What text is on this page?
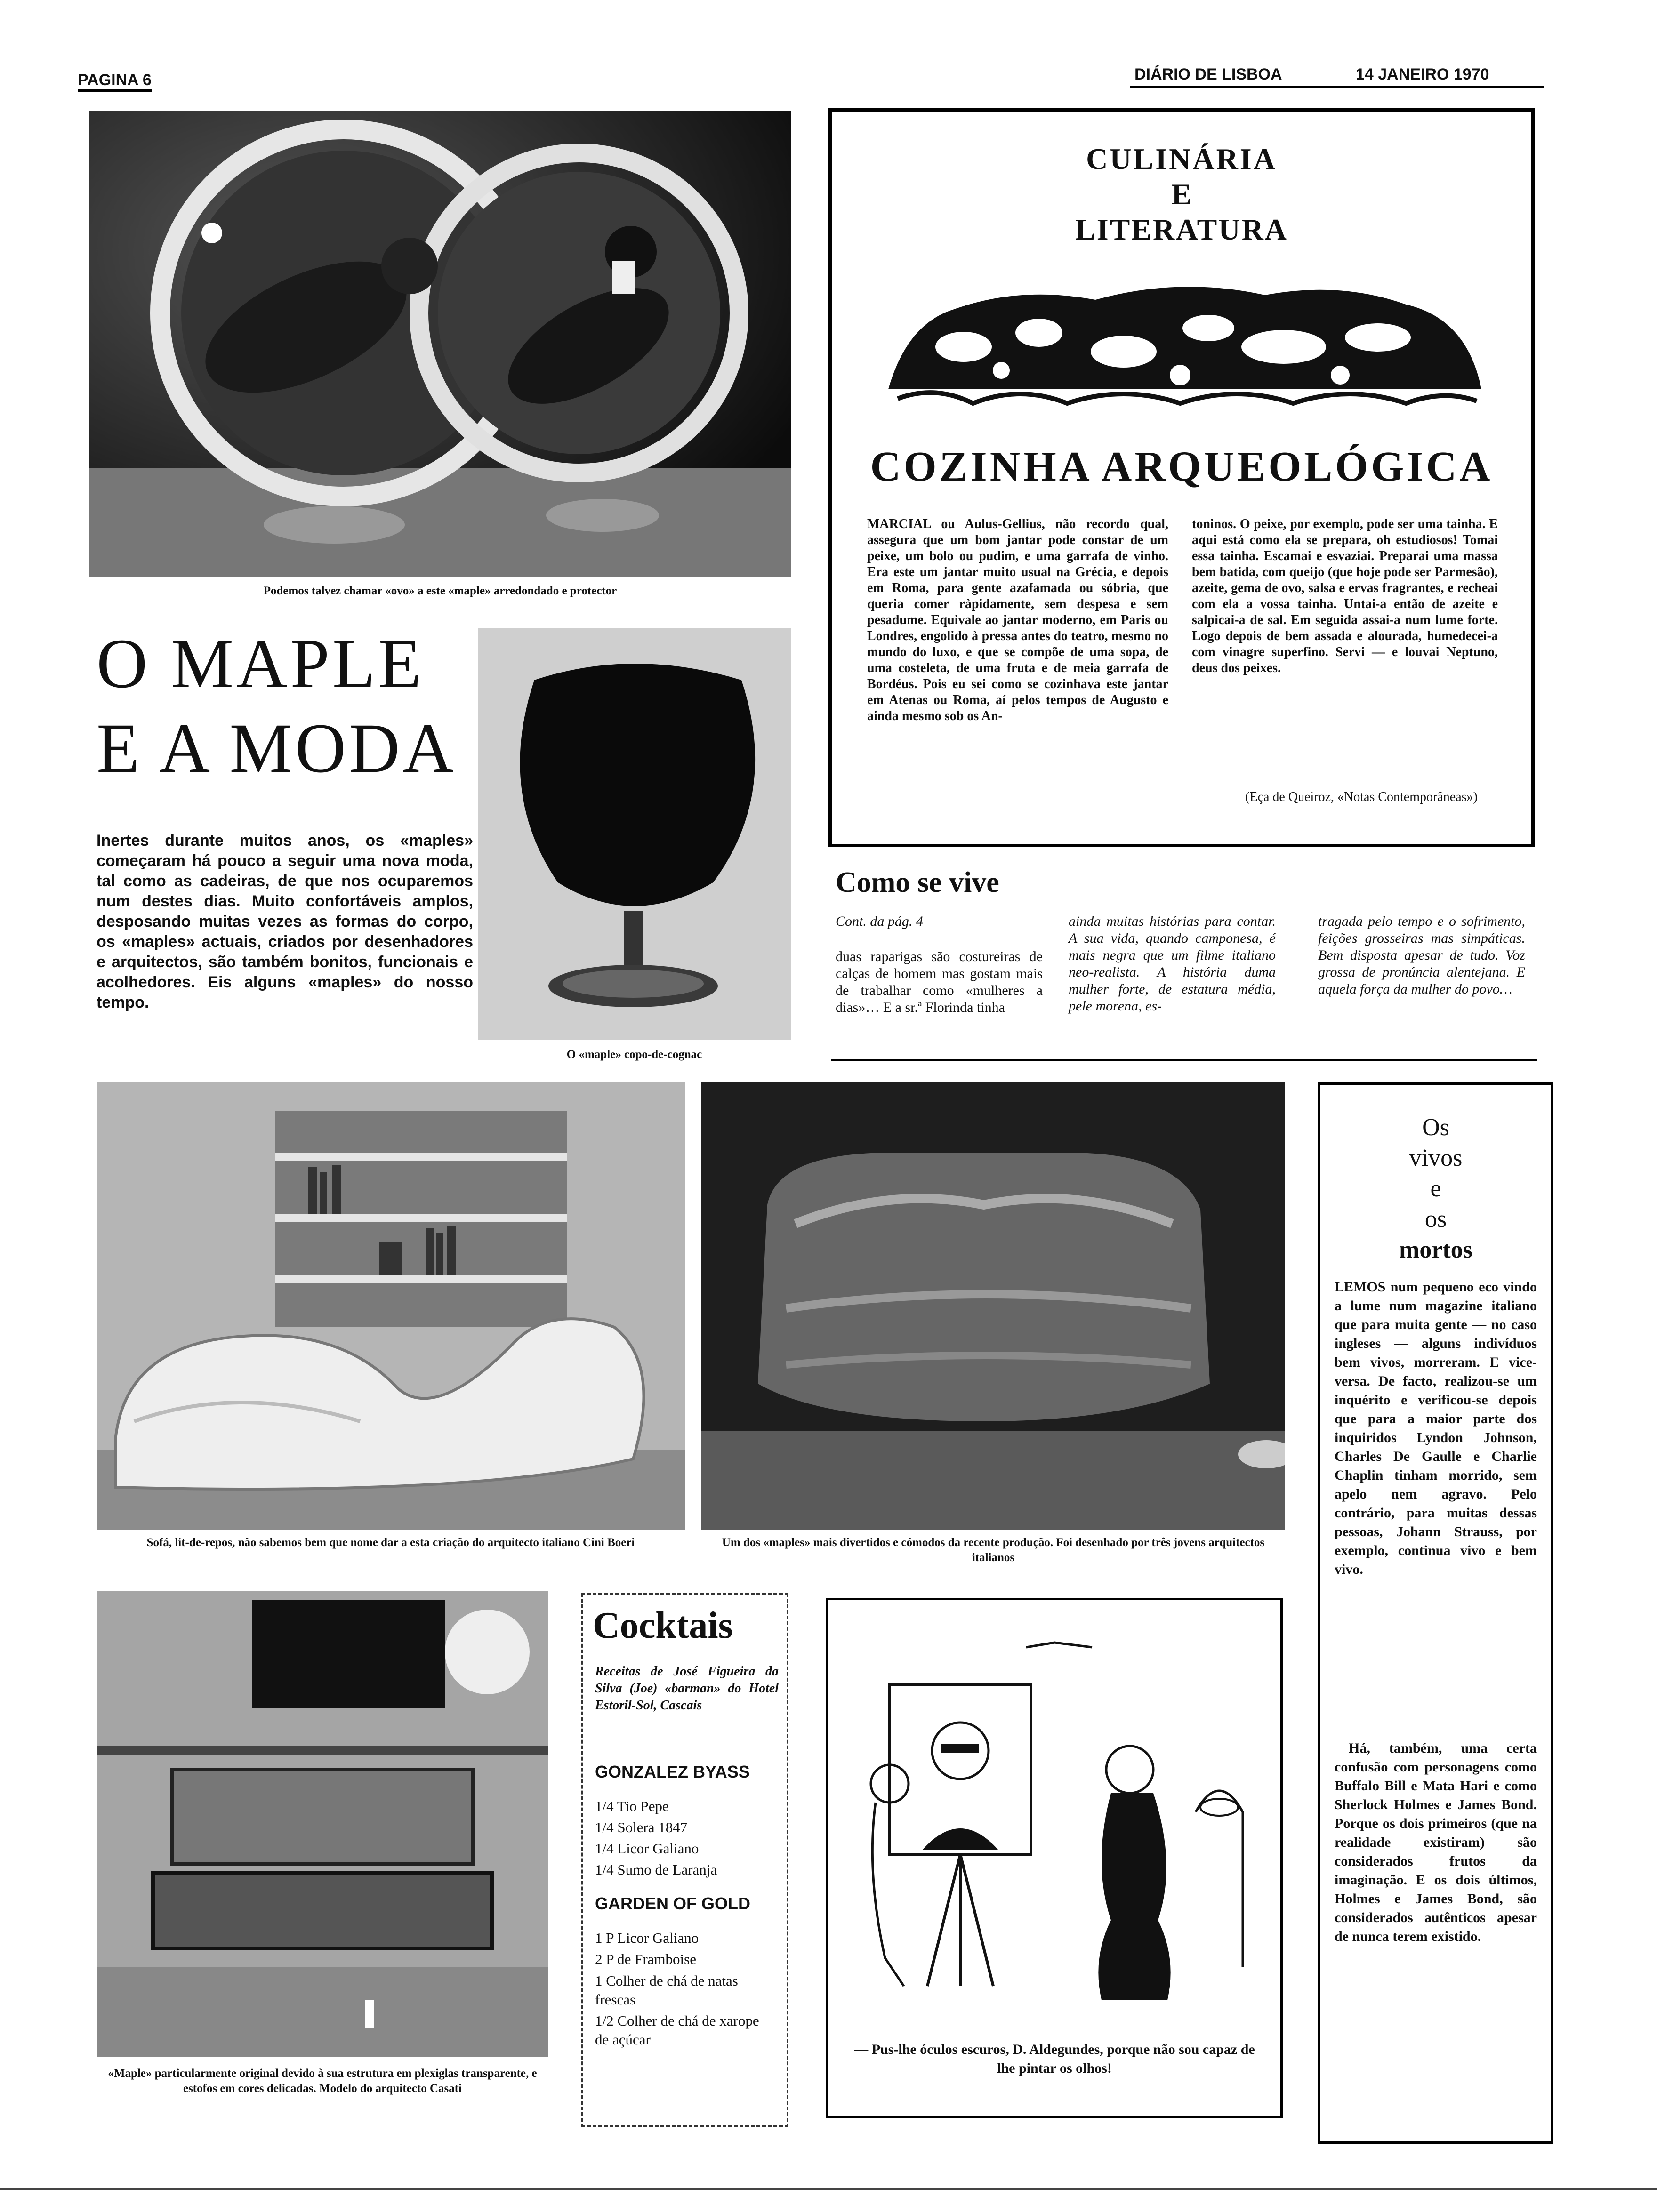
PAGINA 6	DIÁRIO DE LISBOA	14 JANEIRO 1970
Podemos talvez chamar «ovo» a este «maple» arredondado e protector
O MAPLE
E A MODA

Inertes durante muitos anos, os «maples» começaram há pouco a seguir uma nova moda, tal como as cadeiras, de que nos ocuparemos num destes dias. Muito confortáveis amplos, desposando muitas vezes as formas do corpo, os «maples» actuais, criados por desenhadores e arquitectos, são também bonitos, funcionais e acolhedores. Eis alguns «maples» do nosso tempo.

O «maple» copo-de-cognac
CULINÁRIA
E
LITERATURA
COZINHA ARQUEOLÓGICA

MARCIAL ou Aulus-Gellius, não recordo qual, assegura que um bom jantar pode constar de um peixe, um bolo ou pudim, e uma garrafa de vinho. Era este um jantar muito usual na Grécia, e depois em Roma, para gente azafamada ou sóbria, que queria comer ràpidamente, sem despesa e sem pesadume. Equivale ao jantar moderno, em Paris ou Londres, engolido à pressa antes do teatro, mesmo no mundo do luxo, e que se compõe de uma sopa, de uma costeleta, de uma fruta e de meia garrafa de Bordéus. Pois eu sei como se cozinhava este jantar em Atenas ou Roma, aí pelos tempos de Augusto e ainda mesmo sob os An-

toninos. O peixe, por exemplo, pode ser uma tainha. E aqui está como ela se prepara, oh estudiosos! Tomai essa tainha. Escamai e esvaziai. Preparai uma massa bem batida, com queijo (que hoje pode ser Parmesão), azeite, gema de ovo, salsa e ervas fragrantes, e recheai com ela a vossa tainha. Untai-a então de azeite e salpicai-a de sal. Em seguida assai-a num lume forte. Logo depois de bem assada e alourada, humedecei-a com vinagre superfino. Servi — e louvai Neptuno, deus dos peixes.

(Eça de Queiroz, «Notas Contemporâneas»)

Como se vive
Cont. da pág. 4

duas raparigas são costureiras de calças de homem mas gostam mais de trabalhar como «mulheres a dias»… E a sr.ª Florinda tinha

ainda muitas histórias para contar. A sua vida, quando camponesa, é mais negra que um filme italiano neo-realista. A história duma mulher forte, de estatura média, pele morena, es-

tragada pelo tempo e o sofrimento, feições grosseiras mas simpáticas. Bem disposta apesar de tudo. Voz grossa de pronúncia alentejana. E aquela força da mulher do povo…

Sofá, lit-de-repos, não sabemos bem que nome dar a esta criação do arquitecto italiano Cini Boeri	Um dos «maples» mais divertidos e cómodos da recente produção. Foi desenhado por três jovens arquitectos italianos
Os
vivos
e
os
mortos

LEMOS num pequeno eco vindo a lume num magazine italiano que para muita gente — no caso ingleses — alguns indivíduos bem vivos, morreram. E vice-versa. De facto, realizou-se um inquérito e verificou-se depois que para a maior parte dos inquiridos Lyndon Johnson, Charles De Gaulle e Charlie Chaplin tinham morrido, sem apelo nem agravo. Pelo contrário, para muitas dessas pessoas, Johann Strauss, por exemplo, continua vivo e bem vivo.

Há, também, uma certa confusão com personagens como Buffalo Bill e Mata Hari e como Sherlock Holmes e James Bond. Porque os dois primeiros (que na realidade existiram) são considerados frutos da imaginação. E os dois últimos, Holmes e James Bond, são considerados autênticos apesar de nunca terem existido.

«Maple» particularmente original devido à sua estrutura em plexiglas transparente, e estofos em cores delicadas. Modelo do arquitecto Casati
Cocktais

Receitas de José Figueira da Silva (Joe) «barman» do Hotel Estoril-Sol, Cascais

GONZALEZ BYASS
1/4 Tio Pepe
1/4 Solera 1847
1/4 Licor Galiano
1/4 Sumo de Laranja
GARDEN OF GOLD
1 P Licor Galiano
2 P de Framboise
1 Colher de chá de natas frescas
1/2 Colher de chá de xarope de açúcar

— Pus-lhe óculos escuros, D. Aldegundes, porque não sou capaz de lhe pintar os olhos!
